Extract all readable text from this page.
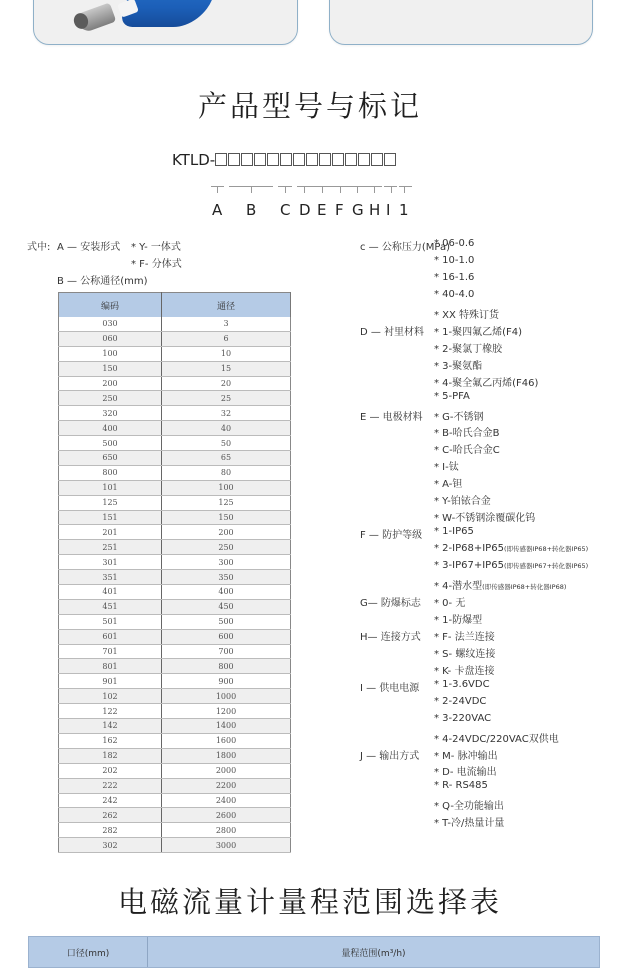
产品型号与标记
KTLD-
A B C D E F G H I 1
式中: A — 安装形式 * Y- 一体式
* F- 分体式
B — 公称通径(mm)
编码	通径
030	3
060	6
100	10
150	15
200	20
250	25
320	32
400	40
500	50
650	65
800	80
101	100
125	125
151	150
201	200
251	250
301	300
351	350
401	400
451	450
501	500
601	600
701	700
801	800
901	900
102	1000
122	1200
142	1400
162	1600
182	1800
202	2000
222	2200
242	2400
262	2600
282	2800
302	3000
c — 公称压力(MPa)
* 06-0.6
* 10-1.0
* 16-1.6
* 40-4.0
* XX 特殊订货
D — 衬里材料 * 1-聚四氟乙烯(F4)
* 2-聚氯丁橡胶
* 3-聚氨酯
* 4-聚全氟乙丙烯(F46)
* 5-PFA
E — 电极材料 * G-不锈钢
* B-哈氏合金B
* C-哈氏合金C
* I-钛
* A-钽
* Y-铂铱合金
* W-不锈钢涂覆碳化钨
F — 防护等级 * 1-IP65
* 2-IP68+IP65(即传感器IP68+转化器IP65)
* 3-IP67+IP65(即传感器IP67+转化器IP65)
* 4-潜水型(即传感器IP68+转化器IP68)
G— 防爆标志 * 0- 无
* 1-防爆型
H— 连接方式 * F- 法兰连接
* S- 螺纹连接
* K- 卡盘连接
I — 供电电源 * 1-3.6VDC
* 2-24VDC
* 3-220VAC
* 4-24VDC/220VAC双供电
J — 输出方式 * M- 脉冲输出
* D- 电流输出
* R- RS485
* Q-全功能输出
* T-冷/热量计量
电磁流量计量程范围选择表
口径(mm)	量程范围(m³/h)
